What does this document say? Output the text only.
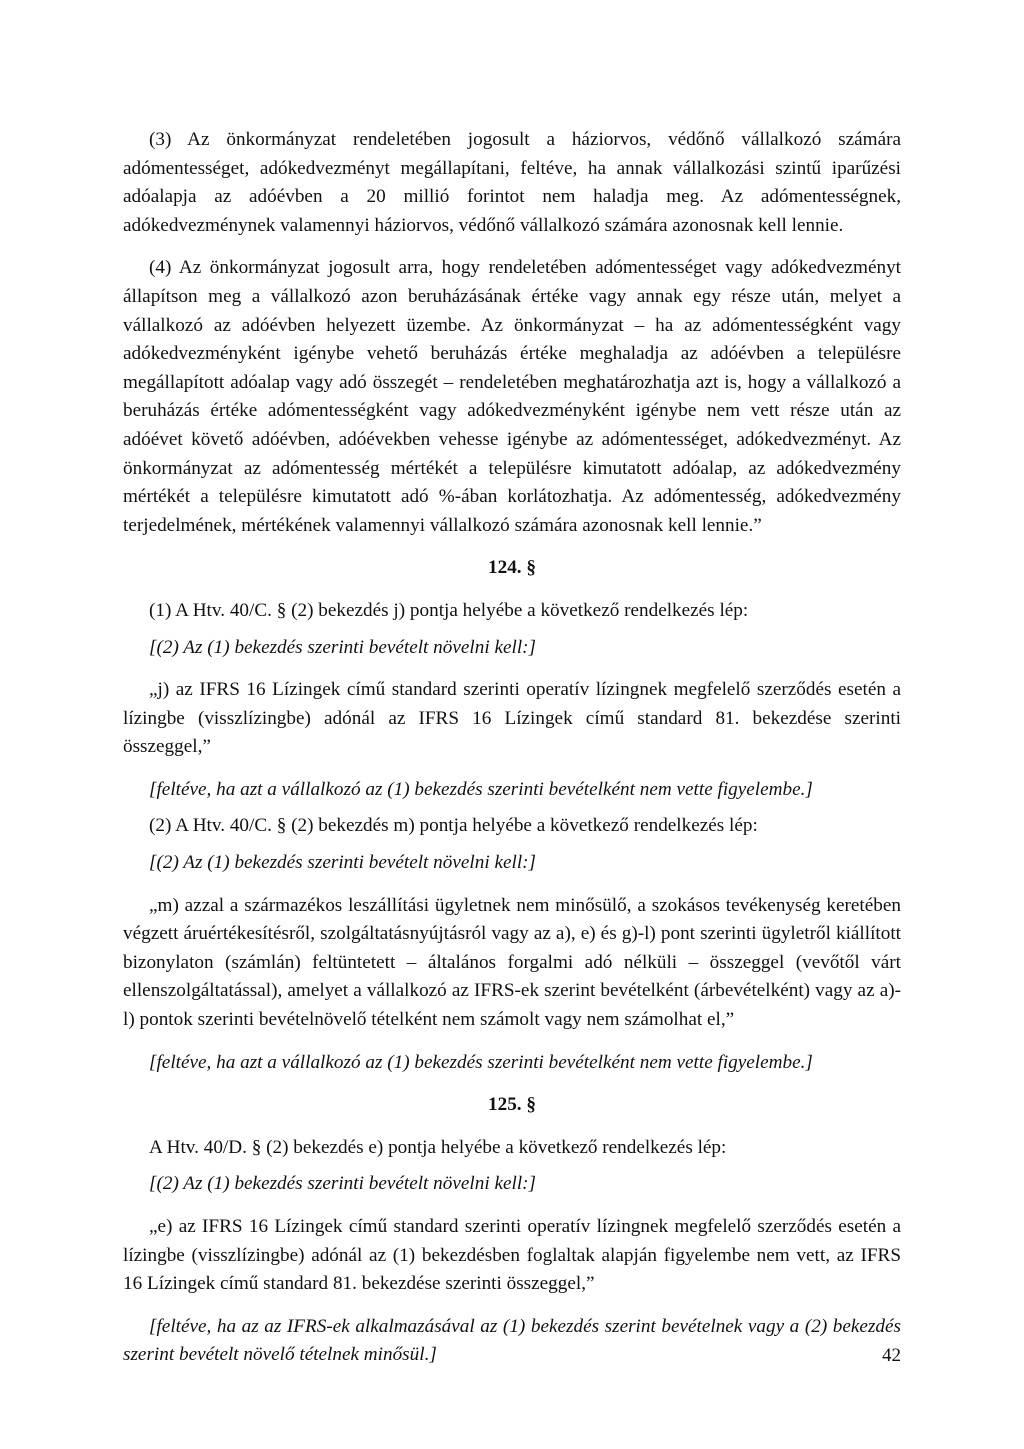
(3) Az önkormányzat rendeletében jogosult a háziorvos, védőnő vállalkozó számára adómentességet, adókedvezményt megállapítani, feltéve, ha annak vállalkozási szintű iparűzési adóalapja az adóévben a 20 millió forintot nem haladja meg. Az adómentességnek, adókedvezménynek valamennyi háziorvos, védőnő vállalkozó számára azonosnak kell lennie.

(4) Az önkormányzat jogosult arra, hogy rendeletében adómentességet vagy adókedvezményt állapítson meg a vállalkozó azon beruházásának értéke vagy annak egy része után, melyet a vállalkozó az adóévben helyezett üzembe. Az önkormányzat – ha az adómentességként vagy adókedvezményként igénybe vehető beruházás értéke meghaladja az adóévben a településre megállapított adóalap vagy adó összegét – rendeletében meghatározhatja azt is, hogy a vállalkozó a beruházás értéke adómentességként vagy adókedvezményként igénybe nem vett része után az adóévet követő adóévben, adóévekben vehesse igénybe az adómentességet, adókedvezményt. Az önkormányzat az adómentesség mértékét a településre kimutatott adóalap, az adókedvezmény mértékét a településre kimutatott adó %-ában korlátozhatja. Az adómentesség, adókedvezmény terjedelmének, mértékének valamennyi vállalkozó számára azonosnak kell lennie.”

124. §

(1) A Htv. 40/C. § (2) bekezdés j) pontja helyébe a következő rendelkezés lép:

[(2) Az (1) bekezdés szerinti bevételt növelni kell:]

„j) az IFRS 16 Lízingek című standard szerinti operatív lízingnek megfelelő szerződés esetén a lízingbe (visszlízingbe) adónál az IFRS 16 Lízingek című standard 81. bekezdése szerinti összeggel,”

[feltéve, ha azt a vállalkozó az (1) bekezdés szerinti bevételként nem vette figyelembe.]

(2) A Htv. 40/C. § (2) bekezdés m) pontja helyébe a következő rendelkezés lép:

[(2) Az (1) bekezdés szerinti bevételt növelni kell:]

„m) azzal a származékos leszállítási ügyletnek nem minősülő, a szokásos tevékenység keretében végzett áruértékesítésről, szolgáltatásnyújtásról vagy az a), e) és g)-l) pont szerinti ügyletről kiállított bizonylaton (számlán) feltüntetett – általános forgalmi adó nélküli – összeggel (vevőtől várt ellenszolgáltatással), amelyet a vállalkozó az IFRS-ek szerint bevételként (árbevételként) vagy az a)-l) pontok szerinti bevételnövelő tételként nem számolt vagy nem számolhat el,”

[feltéve, ha azt a vállalkozó az (1) bekezdés szerinti bevételként nem vette figyelembe.]

125. §

A Htv. 40/D. § (2) bekezdés e) pontja helyébe a következő rendelkezés lép:

[(2) Az (1) bekezdés szerinti bevételt növelni kell:]

„e) az IFRS 16 Lízingek című standard szerinti operatív lízingnek megfelelő szerződés esetén a lízingbe (visszlízingbe) adónál az (1) bekezdésben foglaltak alapján figyelembe nem vett, az IFRS 16 Lízingek című standard 81. bekezdése szerinti összeggel,”

[feltéve, ha az az IFRS-ek alkalmazásával az (1) bekezdés szerint bevételnek vagy a (2) bekezdés szerint bevételt növelő tételnek minősül.]	42
